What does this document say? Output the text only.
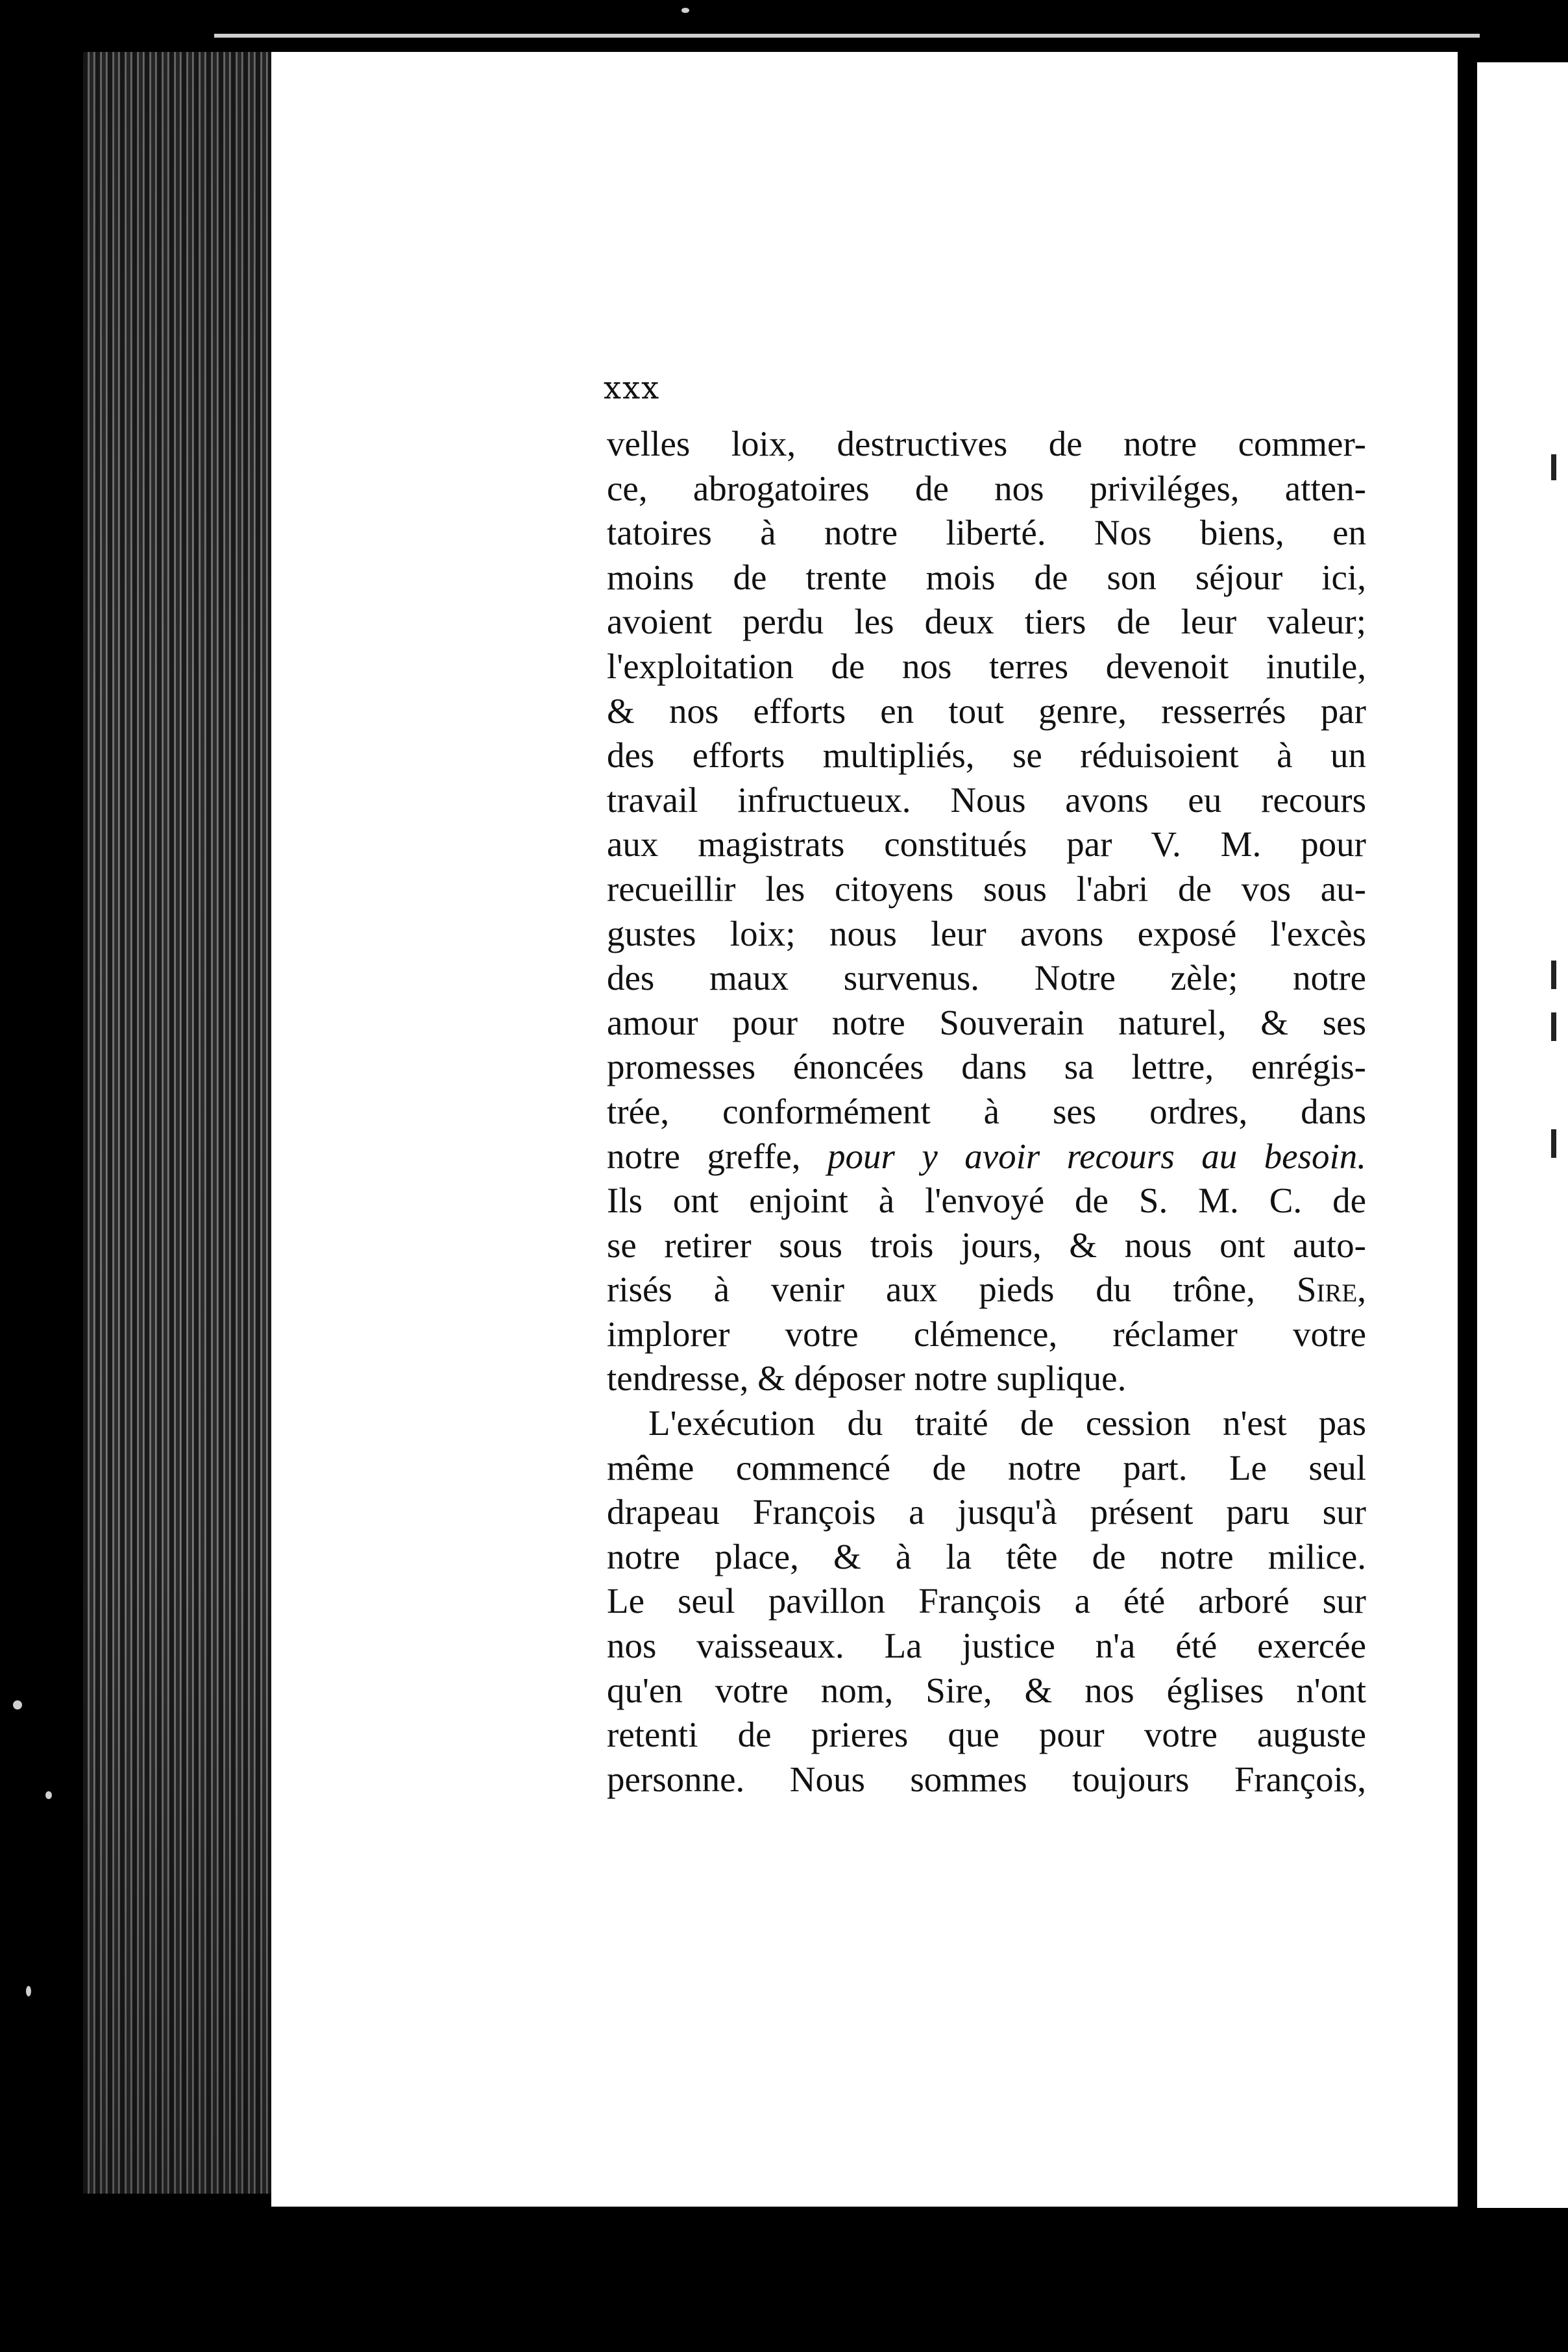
xxx
velles loix, destructives de notre commer-
ce, abrogatoires de nos priviléges, atten-
tatoires à notre liberté. Nos biens, en
moins de trente mois de son séjour ici,
avoient perdu les deux tiers de leur valeur;
l'exploitation de nos terres devenoit inutile,
& nos efforts en tout genre, resserrés par
des efforts multipliés, se réduisoient à un
travail infructueux. Nous avons eu recours
aux magistrats constitués par V. M. pour
recueillir les citoyens sous l'abri de vos au-
gustes loix; nous leur avons exposé l'excès
des maux survenus. Notre zèle; notre
amour pour notre Souverain naturel, & ses
promesses énoncées dans sa lettre, enrégis-
trée, conformément à ses ordres, dans
notre greffe, pour y avoir recours au besoin.
Ils ont enjoint à l'envoyé de S. M. C. de
se retirer sous trois jours, & nous ont auto-
risés à venir aux pieds du trône, Sire,
implorer votre clémence, réclamer votre
tendresse, & déposer notre suplique.
L'exécution du traité de cession n'est pas
même commencé de notre part. Le seul
drapeau François a jusqu'à présent paru sur
notre place, & à la tête de notre milice.
Le seul pavillon François a été arboré sur
nos vaisseaux. La justice n'a été exercée
qu'en votre nom, Sire, & nos églises n'ont
retenti de prieres que pour votre auguste
personne. Nous sommes toujours François,
